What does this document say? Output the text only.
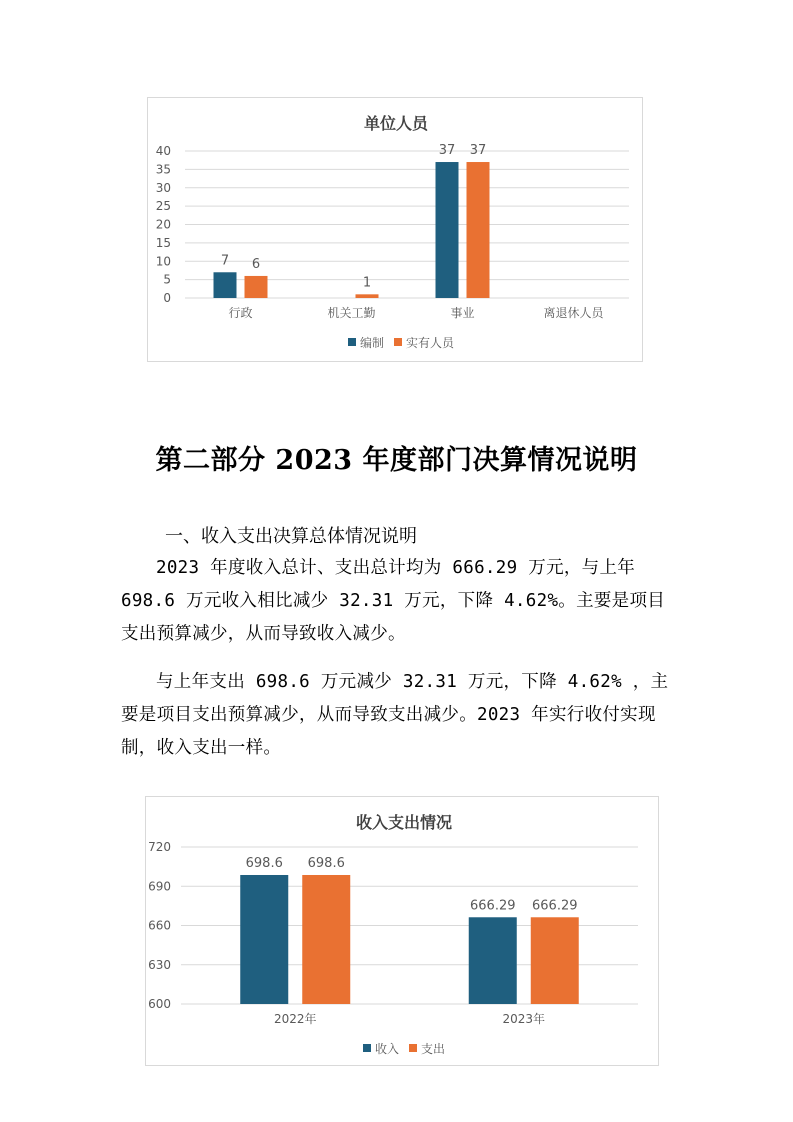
单位人员
0
5
10
15
20
25
30
35
40
行政
7 6
机关工勤
1
事业
37 37
离退休人员
编制 实有人员
第二部分 2023 年度部门决算情况说明
一、收入支出决算总体情况说明
2023 年度收入总计、支出总计均为 666.29 万元，与上年 698.6 万元收入相比减少 32.31 万元，下降 4.62%。主要是项目支出预算减少，从而导致收入减少。
与上年支出 698.6 万元减少 32.31 万元，下降 4.62% ，主要是项目支出预算减少，从而导致支出减少。2023 年实行收付实现制，收入支出一样。
收入支出情况
600
630
660
690
720
2022年
698.6 698.6
2023年
666.29 666.29
收入 支出
